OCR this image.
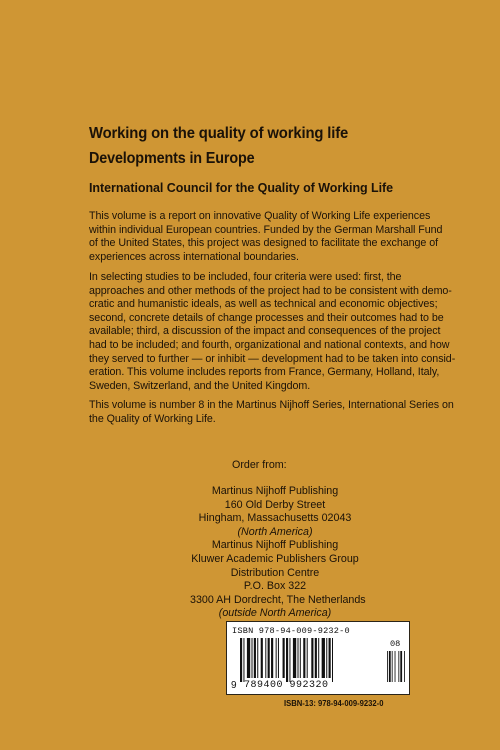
Working on the quality of working life
Developments in Europe
International Council for the Quality of Working Life

This volume is a report on innovative Quality of Working Life experiences
within individual European countries. Funded by the German Marshall Fund
of the United States, this project was designed to facilitate the exchange of
experiences across international boundaries.

In selecting studies to be included, four criteria were used: first, the
approaches and other methods of the project had to be consistent with demo-
cratic and humanistic ideals, as well as technical and economic objectives;
second, concrete details of change processes and their outcomes had to be
available; third, a discussion of the impact and consequences of the project
had to be included; and fourth, organizational and national contexts, and how
they served to further — or inhibit — development had to be taken into consid-
eration. This volume includes reports from France, Germany, Holland, Italy,
Sweden, Switzerland, and the United Kingdom.

This volume is number 8 in the Martinus Nijhoff Series, International Series on
the Quality of Working Life.

Order from:

Martinus Nijhoff Publishing
160 Old Derby Street
Hingham, Massachusetts 02043
(North America)
Martinus Nijhoff Publishing
Kluwer Academic Publishers Group
Distribution Centre
P.O. Box 322
3300 AH Dordrecht, The Netherlands
(outside North America)

ISBN 978-94-009-9232-0
9 789400 992320
08

ISBN-13: 978-94-009-9232-0
